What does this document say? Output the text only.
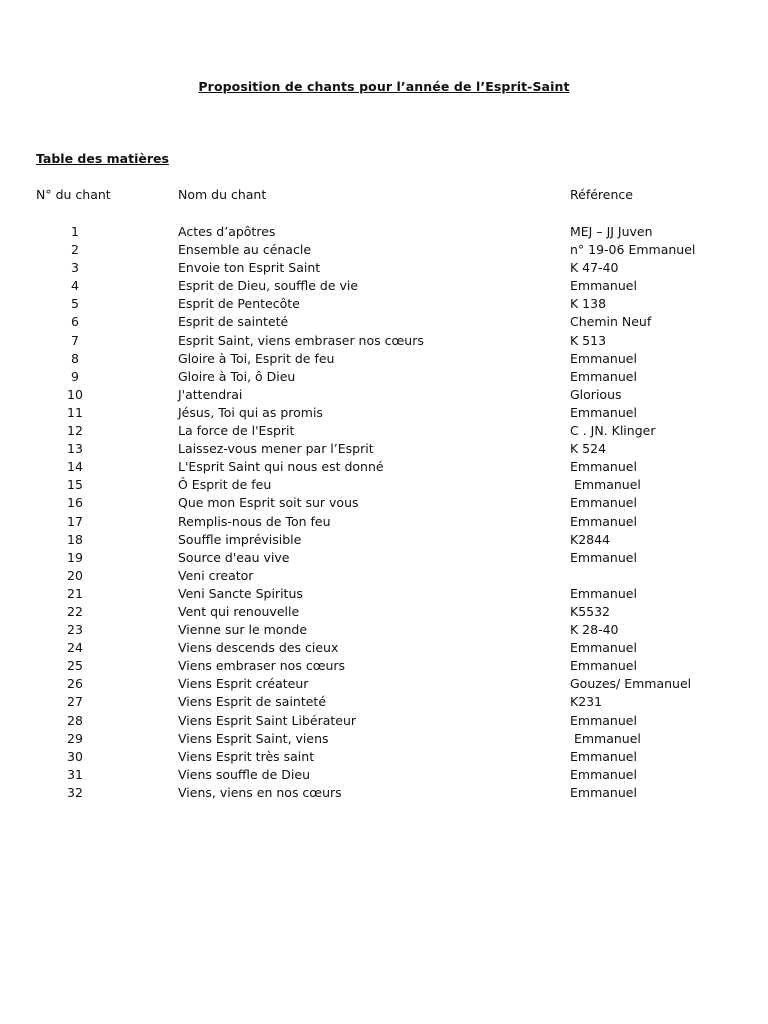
Proposition de chants pour l’année de l’Esprit-Saint
Table des matières
N° du chant	Nom du chant	Référence
1	Actes d’apôtres	MEJ – JJ Juven
2	Ensemble au cénacle	n° 19-06 Emmanuel
3	Envoie ton Esprit Saint	K 47-40
4	Esprit de Dieu, souffle de vie	Emmanuel
5	Esprit de Pentecôte	K 138
6	Esprit de sainteté	Chemin Neuf
7	Esprit Saint, viens embraser nos cœurs	K 513
8	Gloire à Toi, Esprit de feu	Emmanuel
9	Gloire à Toi, ô Dieu	Emmanuel
10	J'attendrai	Glorious
11	Jésus, Toi qui as promis	Emmanuel
12	La force de l'Esprit	C . JN. Klinger
13	Laissez-vous mener par l’Esprit	K 524
14	L'Esprit Saint qui nous est donné	Emmanuel
15	Ô Esprit de feu	Emmanuel
16	Que mon Esprit soit sur vous	Emmanuel
17	Remplis-nous de Ton feu	Emmanuel
18	Souffle imprévisible	K2844
19	Source d'eau vive	Emmanuel
20	Veni creator
21	Veni Sancte Spiritus	Emmanuel
22	Vent qui renouvelle	K5532
23	Vienne sur le monde	K 28-40
24	Viens descends des cieux	Emmanuel
25	Viens embraser nos cœurs	Emmanuel
26	Viens Esprit créateur	Gouzes/ Emmanuel
27	Viens Esprit de sainteté	K231
28	Viens Esprit Saint Libérateur	Emmanuel
29	Viens Esprit Saint, viens	Emmanuel
30	Viens Esprit très saint	Emmanuel
31	Viens souffle de Dieu	Emmanuel
32	Viens, viens en nos cœurs	Emmanuel
